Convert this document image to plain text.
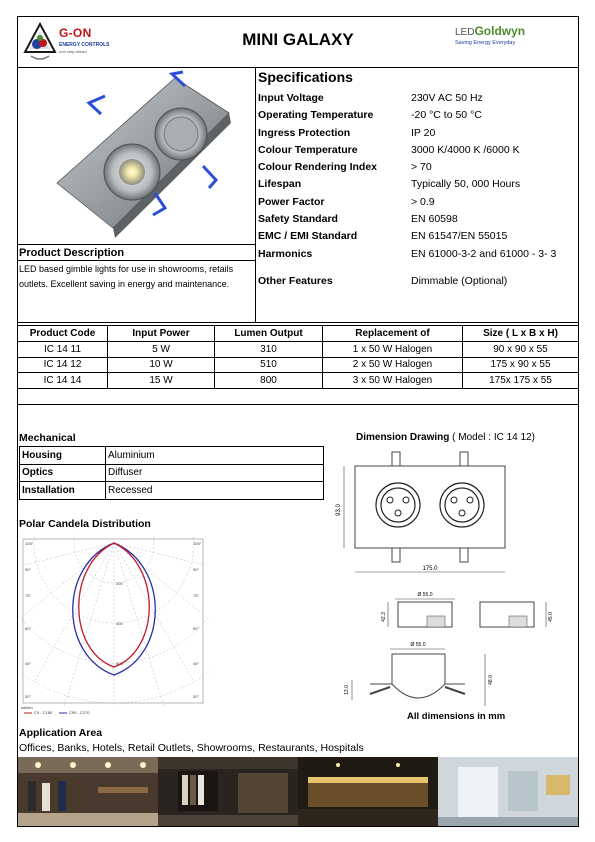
G-ON
ENERGY CONTROLS
one step ahead
MINI GALAXY	LEDGoldwyn
Saving Energy Everyday
Product Description
LED based gimble lights for use in showrooms, retails outlets. Excellent saving in energy and maintenance.
Specifications
Input Voltage	230V AC 50 Hz
Operating Temperature	-20 °C to 50 °C
Ingress Protection	IP 20
Colour Temperature	3000 K/4000 K /6000 K
Colour Rendering Index	> 70
Lifespan	Typically 50, 000 Hours
Power Factor	> 0.9
Safety Standard	EN 60598
EMC / EMI Standard	EN 61547/EN 55015
Harmonics	EN 61000-3-2 and 61000 - 3- 3
Other Features	Dimmable (Optional)
Product Code	Input Power	Lumen Output	Replacement of	Size ( L x B x H)
IC 14 11	5 W	310	1 x 50 W Halogen	90 x 90 x 55
IC 14 12	10 W	510	2 x 50 W Halogen	175 x 90 x 55
IC 14 14	15 W	800	3 x 50 W Halogen	175x 175 x 55
Mechanical
Housing	Aluminium
Optics	Diffuser
Installation	Recessed
Dimension Drawing ( Model : IC 14 12)
93.0
175.0
Ø 55.0
42.3	45.0
Ø 55.0
13.0
48.0
All dimensions in mm
Polar Candela Distribution
105°
90°
75°
60°
45°
30°
105°
90°
75°
60°
45°
30°
600
400
200
cd/klm
C0 - C180	C90 - C270
Application Area
Offices, Banks, Hotels, Retail Outlets, Showrooms, Restaurants, Hospitals
